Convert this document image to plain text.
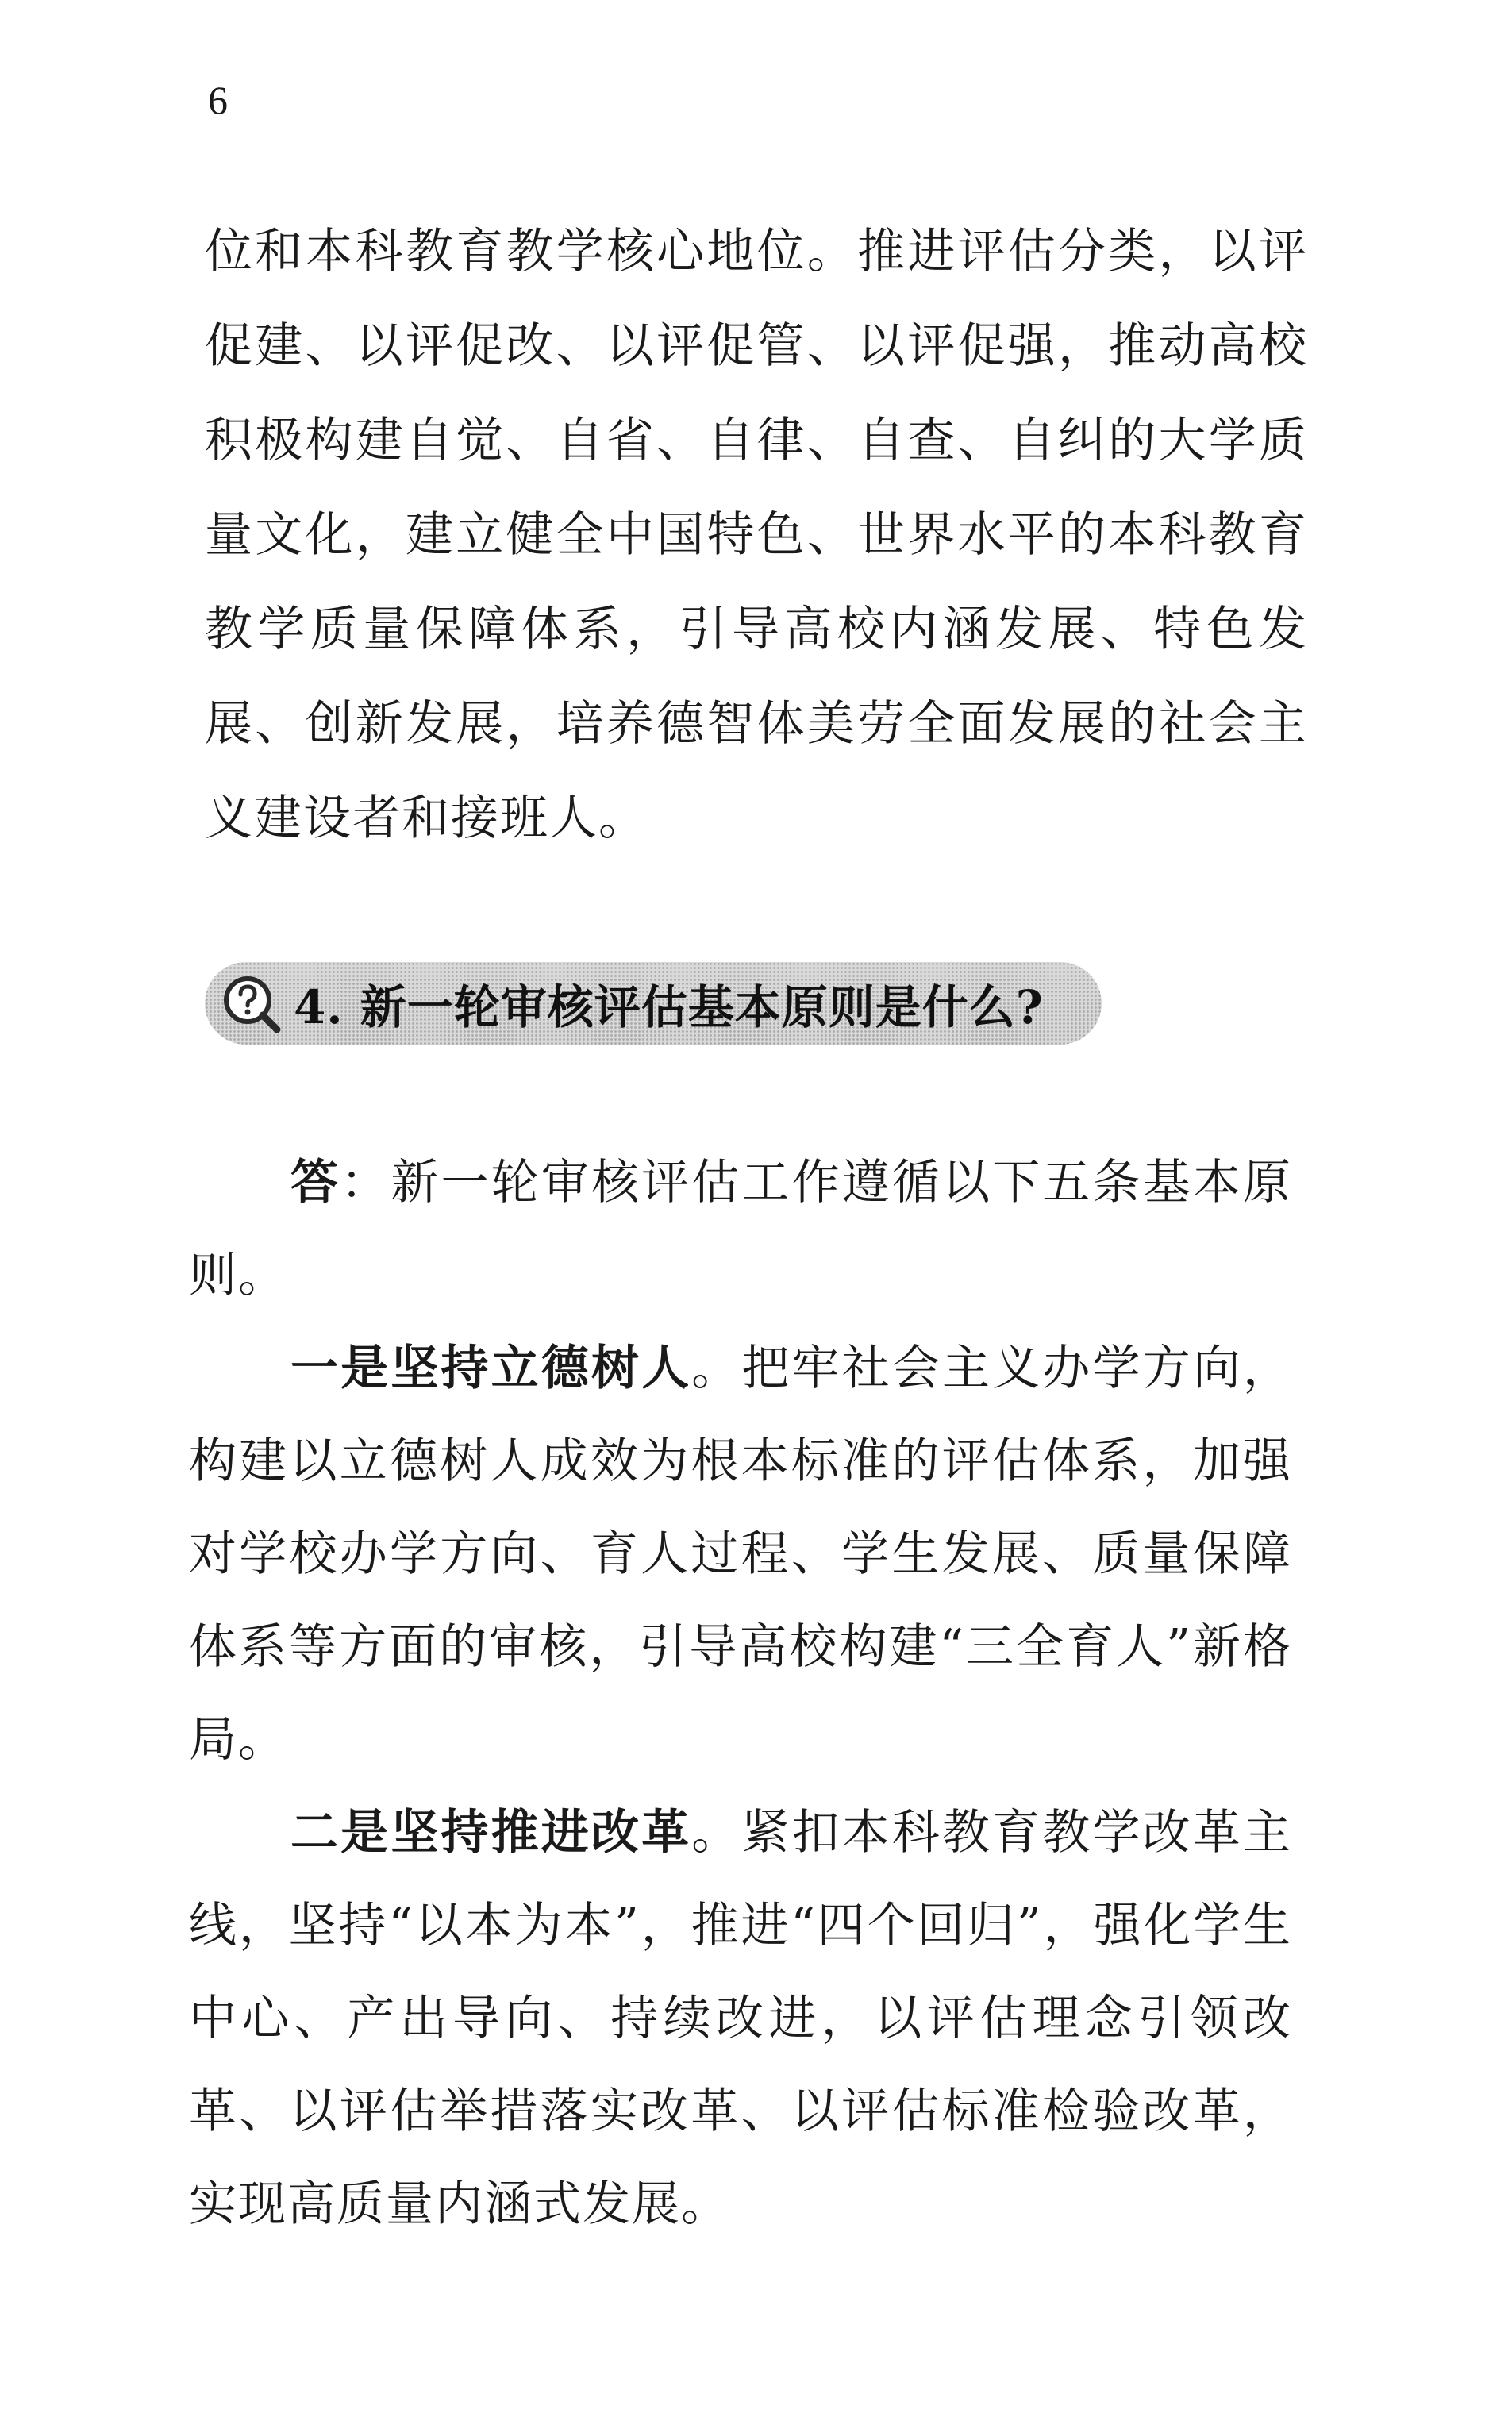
6

位和本科教育教学核心地位。推进评估分类，以评促建、以评促改、以评促管、以评促强，推动高校积极构建自觉、自省、自律、自查、自纠的大学质量文化，建立健全中国特色、世界水平的本科教育教学质量保障体系，引导高校内涵发展、特色发展、创新发展，培养德智体美劳全面发展的社会主义建设者和接班人。

4. 新一轮审核评估基本原则是什么?

答：新一轮审核评估工作遵循以下五条基本原则。

一是坚持立德树人。把牢社会主义办学方向，构建以立德树人成效为根本标准的评估体系，加强对学校办学方向、育人过程、学生发展、质量保障体系等方面的审核，引导高校构建“三全育人”新格局。

二是坚持推进改革。紧扣本科教育教学改革主线，坚持“以本为本”，推进“四个回归”，强化学生中心、产出导向、持续改进，以评估理念引领改革、以评估举措落实改革、以评估标准检验改革，实现高质量内涵式发展。
